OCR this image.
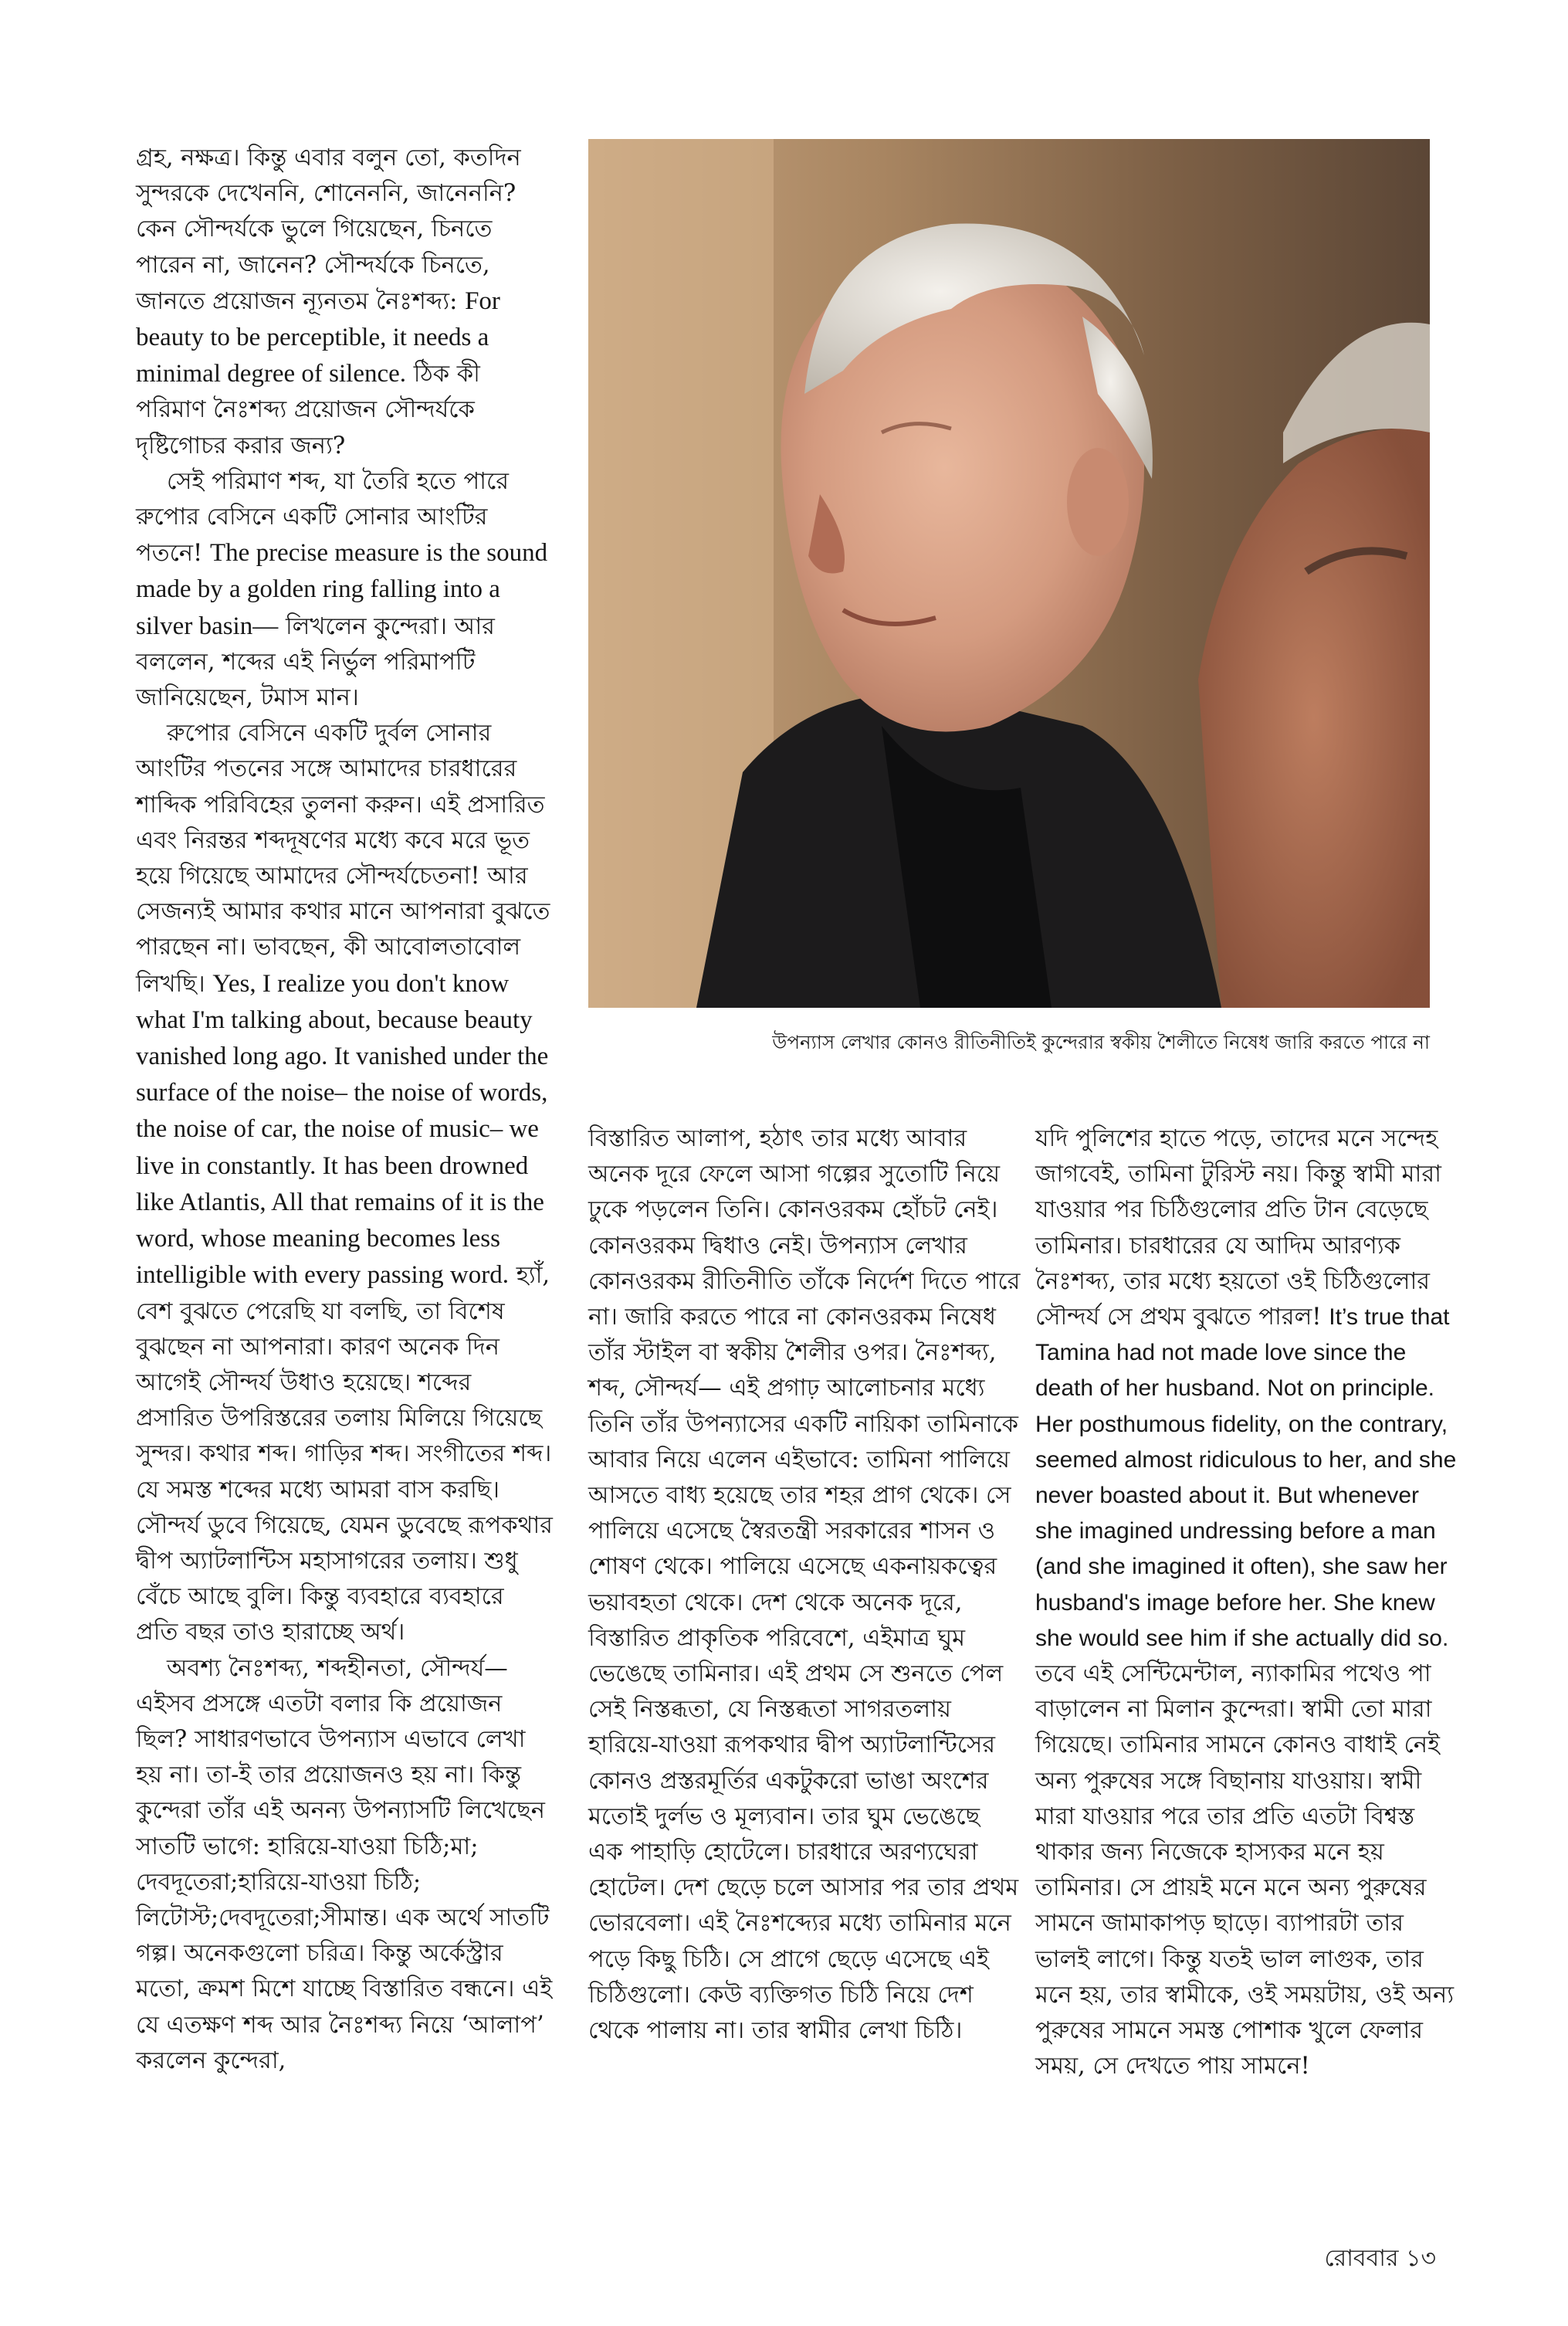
গ্রহ, নক্ষত্র। কিন্তু এবার বলুন তো, কতদিন সুন্দরকে দেখেননি, শোনেননি, জানেননি? কেন সৌন্দর্যকে ভুলে গিয়েছেন, চিনতে পারেন না, জানেন? সৌন্দর্যকে চিনতে, জানতে প্রয়োজন ন্যূনতম নৈঃশব্দ্য: For beauty to be perceptible, it needs a minimal degree of silence. ঠিক কী পরিমাণ নৈঃশব্দ্য প্রয়োজন সৌন্দর্যকে দৃষ্টিগোচর করার জন্য?

সেই পরিমাণ শব্দ, যা তৈরি হতে পারে রুপোর বেসিনে একটি সোনার আংটির পতনে! The precise measure is the sound made by a golden ring falling into a silver basin— লিখলেন কুন্দেরা। আর বললেন, শব্দের এই নির্ভুল পরিমাপটি জানিয়েছেন, টমাস মান।

রুপোর বেসিনে একটি দুর্বল সোনার আংটির পতনের সঙ্গে আমাদের চারধারের শাব্দিক পরিবিহের তুলনা করুন। এই প্রসারিত এবং নিরন্তর শব্দদূষণের মধ্যে কবে মরে ভূত হয়ে গিয়েছে আমাদের সৌন্দর্যচেতনা! আর সেজন্যই আমার কথার মানে আপনারা বুঝতে পারছেন না। ভাবছেন, কী আবোলতাবোল লিখছি। Yes, I realize you don't know what I'm talking about, because beauty vanished long ago. It vanished under the surface of the noise– the noise of words, the noise of car, the noise of music– we live in constantly. It has been drowned like Atlantis, All that remains of it is the word, whose meaning becomes less intelligible with every passing word. হ্যাঁ, বেশ বুঝতে পেরেছি যা বলছি, তা বিশেষ বুঝছেন না আপনারা। কারণ অনেক দিন আগেই সৌন্দর্য উধাও হয়েছে। শব্দের প্রসারিত উপরিস্তরের তলায় মিলিয়ে গিয়েছে সুন্দর। কথার শব্দ। গাড়ির শব্দ। সংগীতের শব্দ। যে সমস্ত শব্দের মধ্যে আমরা বাস করছি। সৌন্দর্য ডুবে গিয়েছে, যেমন ডুবেছে রূপকথার দ্বীপ অ্যাটলান্টিস মহাসাগরের তলায়। শুধু বেঁচে আছে বুলি। কিন্তু ব্যবহারে ব্যবহারে প্রতি বছর তাও হারাচ্ছে অর্থ।

অবশ্য নৈঃশব্দ্য, শব্দহীনতা, সৌন্দর্য— এইসব প্রসঙ্গে এতটা বলার কি প্রয়োজন ছিল? সাধারণভাবে উপন্যাস এভাবে লেখা হয় না। তা-ই তার প্রয়োজনও হয় না। কিন্তু কুন্দেরা তাঁর এই অনন্য উপন্যাসটি লিখেছেন সাতটি ভাগে: হারিয়ে-যাওয়া চিঠি;মা; দেবদূতেরা;হারিয়ে-যাওয়া চিঠি; লিটোস্ট;দেবদূতেরা;সীমান্ত। এক অর্থে সাতটি গল্প। অনেকগুলো চরিত্র। কিন্তু অর্কেস্ট্রার মতো, ক্রমশ মিশে যাচ্ছে বিস্তারিত বন্ধনে। এই যে এতক্ষণ শব্দ আর নৈঃশব্দ্য নিয়ে ‘আলাপ’ করলেন কুন্দেরা,

উপন্যাস লেখার কোনও রীতিনীতিই কুন্দেরার স্বকীয় শৈলীতে নিষেধ জারি করতে পারে না

বিস্তারিত আলাপ, হঠাৎ তার মধ্যে আবার অনেক দূরে ফেলে আসা গল্পের সুতোটি নিয়ে ঢুকে পড়লেন তিনি। কোনওরকম হোঁচট নেই। কোনওরকম দ্বিধাও নেই। উপন্যাস লেখার কোনওরকম রীতিনীতি তাঁকে নির্দেশ দিতে পারে না। জারি করতে পারে না কোনওরকম নিষেধ তাঁর স্টাইল বা স্বকীয় শৈলীর ওপর। নৈঃশব্দ্য, শব্দ, সৌন্দর্য— এই প্রগাঢ় আলোচনার মধ্যে তিনি তাঁর উপন্যাসের একটি নায়িকা তামিনাকে আবার নিয়ে এলেন এইভাবে: তামিনা পালিয়ে আসতে বাধ্য হয়েছে তার শহর প্রাগ থেকে। সে পালিয়ে এসেছে স্বৈরতন্ত্রী সরকারের শাসন ও শোষণ থেকে। পালিয়ে এসেছে একনায়কত্বের ভয়াবহতা থেকে। দেশ থেকে অনেক দূরে, বিস্তারিত প্রাকৃতিক পরিবেশে, এইমাত্র ঘুম ভেঙেছে তামিনার। এই প্রথম সে শুনতে পেল সেই নিস্তব্ধতা, যে নিস্তব্ধতা সাগরতলায় হারিয়ে-যাওয়া রূপকথার দ্বীপ অ্যাটলান্টিসের কোনও প্রস্তরমূর্তির একটুকরো ভাঙা অংশের মতোই দুর্লভ ও মূল্যবান। তার ঘুম ভেঙেছে এক পাহাড়ি হোটেলে। চারধারে অরণ্যঘেরা হোটেল। দেশ ছেড়ে চলে আসার পর তার প্রথম ভোরবেলা। এই নৈঃশব্দ্যের মধ্যে তামিনার মনে পড়ে কিছু চিঠি। সে প্রাগে ছেড়ে এসেছে এই চিঠিগুলো। কেউ ব্যক্তিগত চিঠি নিয়ে দেশ থেকে পালায় না। তার স্বামীর লেখা চিঠি।

যদি পুলিশের হাতে পড়ে, তাদের মনে সন্দেহ জাগবেই, তামিনা টুরিস্ট নয়। কিন্তু স্বামী মারা যাওয়ার পর চিঠিগুলোর প্রতি টান বেড়েছে তামিনার। চারধারের যে আদিম আরণ্যক নৈঃশব্দ্য, তার মধ্যে হয়তো ওই চিঠিগুলোর সৌন্দর্য সে প্রথম বুঝতে পারল! It’s true that Tamina had not made love since the death of her husband. Not on principle. Her posthumous fidelity, on the contrary, seemed almost ridiculous to her, and she never boasted about it. But whenever she imagined undressing before a man (and she imagined it often), she saw her husband's image before her. She knew she would see him if she actually did so. তবে এই সেন্টিমেন্টাল, ন্যাকামির পথেও পা বাড়ালেন না মিলান কুন্দেরা। স্বামী তো মারা গিয়েছে। তামিনার সামনে কোনও বাধাই নেই অন্য পুরুষের সঙ্গে বিছানায় যাওয়ায়। স্বামী মারা যাওয়ার পরে তার প্রতি এতটা বিশ্বস্ত থাকার জন্য নিজেকে হাস্যকর মনে হয় তামিনার। সে প্রায়ই মনে মনে অন্য পুরুষের সামনে জামাকাপড় ছাড়ে। ব্যাপারটা তার ভালই লাগে। কিন্তু যতই ভাল লাগুক, তার মনে হয়, তার স্বামীকে, ওই সময়টায়, ওই অন্য পুরুষের সামনে সমস্ত পোশাক খুলে ফেলার সময়, সে দেখতে পায় সামনে!

রোববার ১৩
